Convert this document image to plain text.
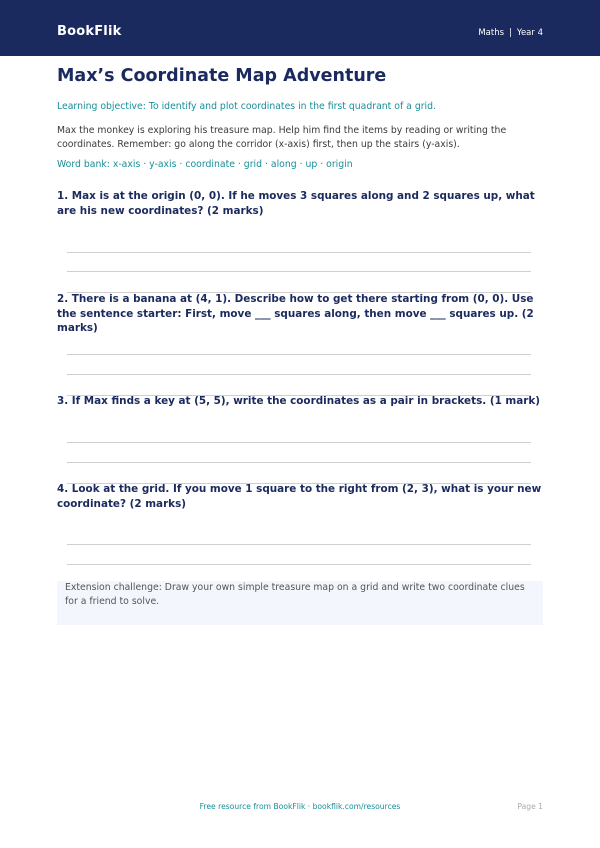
BookFlik	Maths | Year 4
Max’s Coordinate Map Adventure
Learning objective: To identify and plot coordinates in the first quadrant of a grid.

Max the monkey is exploring his treasure map. Help him find the items by reading or writing the coordinates. Remember: go along the corridor (x-axis) first, then up the stairs (y-axis).

Word bank: x-axis · y-axis · coordinate · grid · along · up · origin

1. Max is at the origin (0, 0). If he moves 3 squares along and 2 squares up, what are his new coordinates? (2 marks)

2. There is a banana at (4, 1). Describe how to get there starting from (0, 0). Use the sentence starter: First, move ___ squares along, then move ___ squares up. (2 marks)

3. If Max finds a key at (5, 5), write the coordinates as a pair in brackets. (1 mark)

4. Look at the grid. If you move 1 square to the right from (2, 3), what is your new coordinate? (2 marks)

Extension challenge: Draw your own simple treasure map on a grid and write two coordinate clues for a friend to solve.
Free resource from BookFlik · bookflik.com/resources	Page 1
